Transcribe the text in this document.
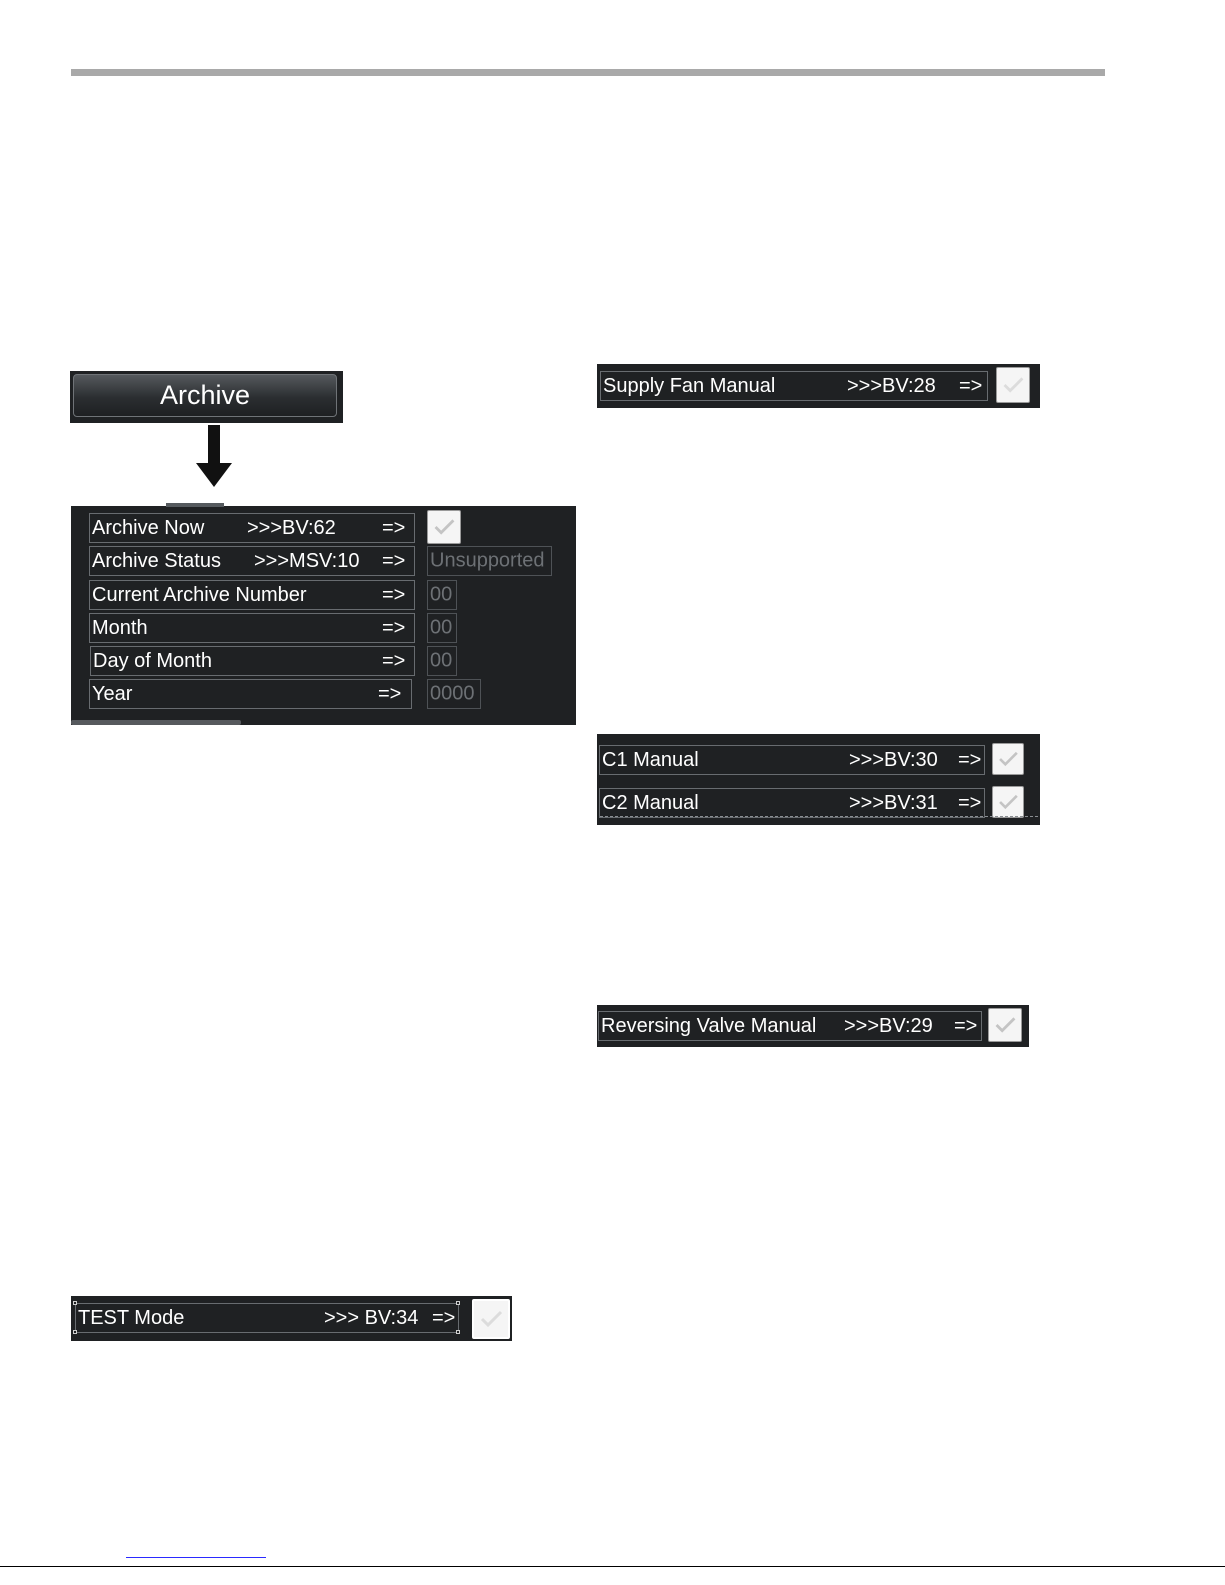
Archive
Archive Now >>>BV:62 =>
Archive Status >>>MSV:10 => Unsupported
Current Archive Number	=> 00
Month	=> 00
Day of Month	=> 00
Year	=> 0000
Supply Fan Manual	>>>BV:28 =>
C1 Manual	>>>BV:30 =>
C2 Manual	>>>BV:31 =>
Reversing Valve Manual >>>BV:29 =>
TEST Mode	>>> BV:34 =>
